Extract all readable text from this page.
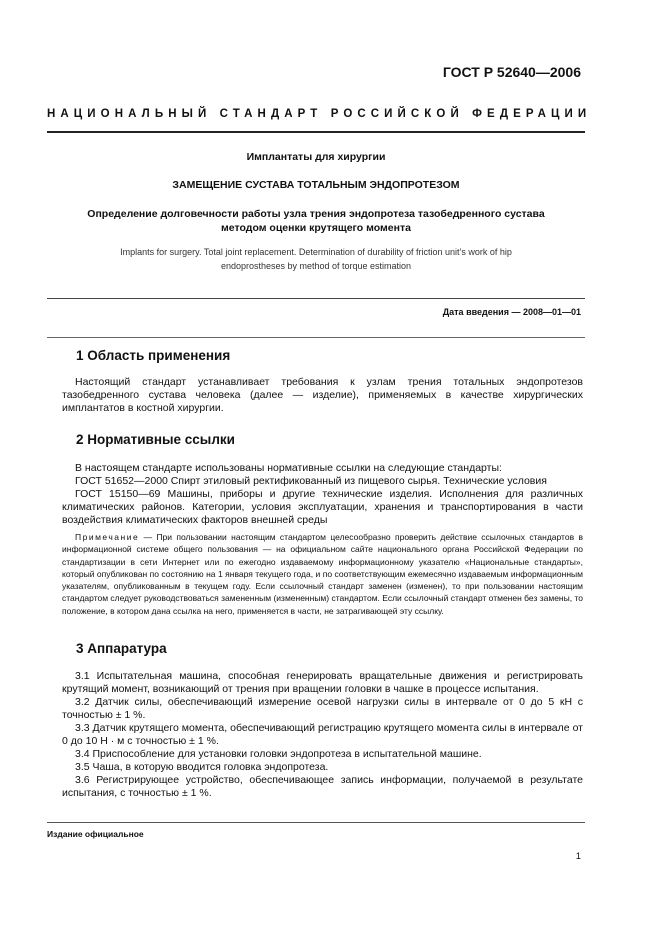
ГОСТ Р 52640—2006
НАЦИОНАЛЬНЫЙ СТАНДАРТ РОССИЙСКОЙ ФЕДЕРАЦИИ
Имплантаты для хирургии
ЗАМЕЩЕНИЕ СУСТАВА ТОТАЛЬНЫМ ЭНДОПРОТЕЗОМ
Определение долговечности работы узла трения эндопротеза тазобедренного сустава
методом оценки крутящего момента
Implants for surgery. Total joint replacement. Determination of durability of friction unit’s work of hip
endoprostheses by method of torque estimation
Дата введения — 2008—01—01
1 Область применения
Настоящий стандарт устанавливает требования к узлам трения тотальных эндопротезов тазобедренного сустава человека (далее — изделие), применяемых в качестве хирургических имплантатов в костной хирургии.
2 Нормативные ссылки
В настоящем стандарте использованы нормативные ссылки на следующие стандарты:
ГОСТ 51652—2000 Спирт этиловый ректификованный из пищевого сырья. Технические условия
ГОСТ 15150—69 Машины, приборы и другие технические изделия. Исполнения для различных климатических районов. Категории, условия эксплуатации, хранения и транспортирования в части воздействия климатических факторов внешней среды
Примечание — При пользовании настоящим стандартом целесообразно проверить действие ссылочных стандартов в информационной системе общего пользования — на официальном сайте национального органа Российской Федерации по стандартизации в сети Интернет или по ежегодно издаваемому информационному указателю «Национальные стандарты», который опубликован по состоянию на 1 января текущего года, и по соответствующим ежемесячно издаваемым информационным указателям, опубликованным в текущем году. Если ссылочный стандарт заменен (изменен), то при пользовании настоящим стандартом следует руководствоваться замененным (измененным) стандартом. Если ссылочный стандарт отменен без замены, то положение, в котором дана ссылка на него, применяется в части, не затрагивающей эту ссылку.
3 Аппаратура
3.1 Испытательная машина, способная генерировать вращательные движения и регистрировать крутящий момент, возникающий от трения при вращении головки в чашке в процессе испытания.
3.2 Датчик силы, обеспечивающий измерение осевой нагрузки силы в интервале от 0 до 5 кН с точностью ± 1 %.
3.3 Датчик крутящего момента, обеспечивающий регистрацию крутящего момента силы в интервале от 0 до 10 Н · м с точностью ± 1 %.
3.4 Приспособление для установки головки эндопротеза в испытательной машине.
3.5 Чаша, в которую вводится головка эндопротеза.
3.6 Регистрирующее устройство, обеспечивающее запись информации, получаемой в результате испытания, с точностью ± 1 %.
Издание официальное
1
